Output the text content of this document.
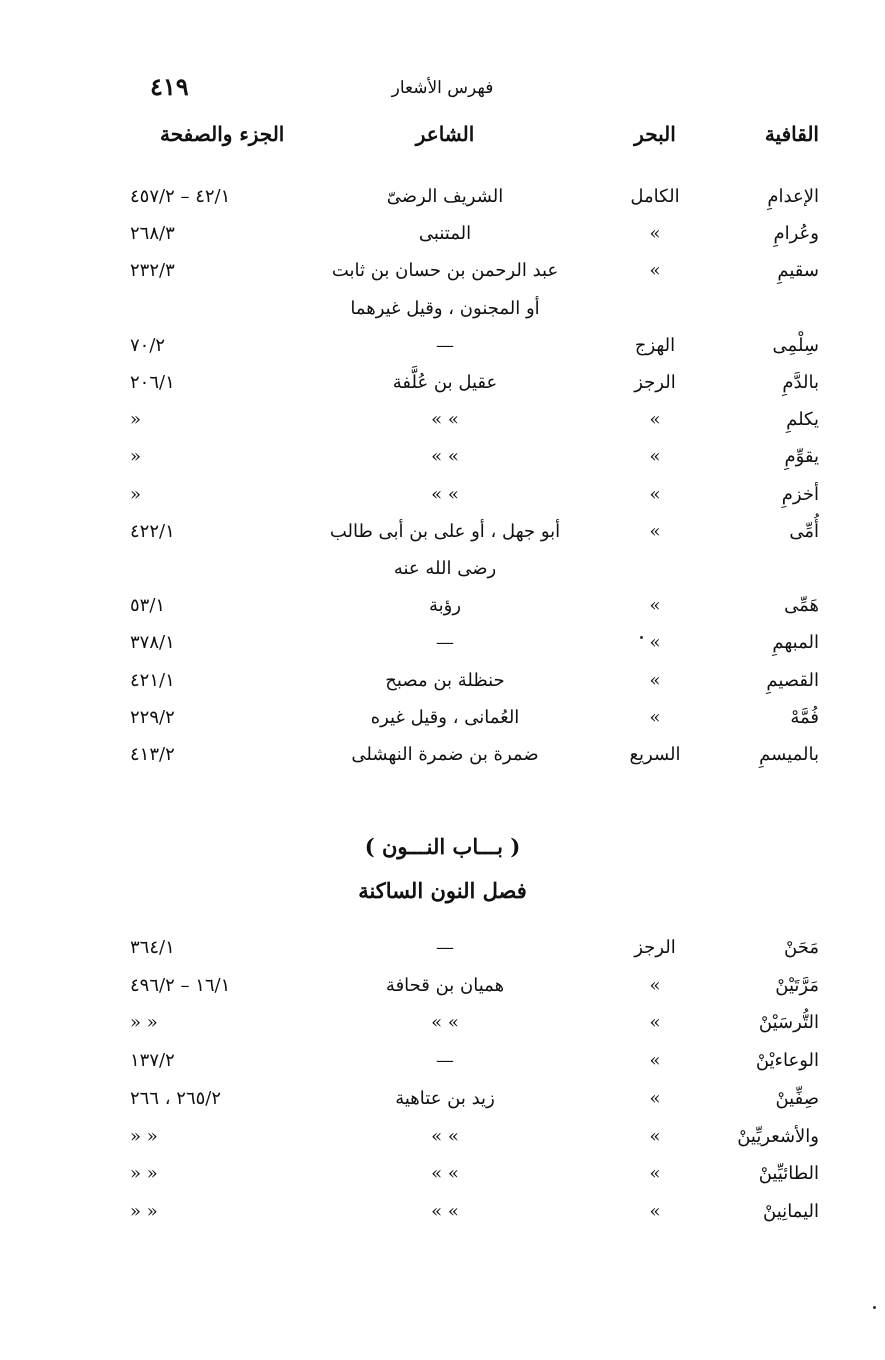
٤١٩	فهرس الأشعار
القافية
البحر
الشاعر
الجزء والصفحة
الإعدامِ
الكامل
الشريف الرضىّ
٤٢/١ – ٤٥٧/٢
وعُرامِ
»
المتنبى
٢٦٨/٣
سقيمِ
»
عبد الرحمن بن حسان بن ثابت
٢٣٢/٣
أو المجنون ، وقيل غيرهما
سِلْمِى
الهزج
—
٧٠/٢
بالدَّمِ
الرجز
عقيل بن عُلَّفة
٢٠٦/١
يكلمِ
»
» »
»
يقوِّمِ
»
» »
»
أخزمِ
»
» »
»
أُمِّى
»
أبو جهل ، أو على بن أبى طالب
٤٢٢/١
رضى الله عنه
هَمِّى
»
رؤبة
٥٣/١
المبهمِ
»
—
٣٧٨/١
القصيمِ
»
حنظلة بن مصبح
٤٢١/١
فُمَّهْ
»
العُمانى ، وقيل غيره
٢٢٩/٢
بالميسمِ
السريع
ضمرة بن ضمرة النهشلى
٤١٣/٢
( بـــاب النـــون )
فصل النون الساكنة
مَحَنْ
الرجز
—
٣٦٤/١
مَرَّتَيْنْ
»
هميان بن قحافة
١٦/١ – ٤٩٦/٢
التُّرسَيْنْ
»
» »
» »
الوعاءيْنْ
»
—
١٣٧/٢
صِفِّينْ
»
زيد بن عتاهية
٢٦٥/٢ ، ٢٦٦
والأشعريِّينْ
»
» »
» »
الطائيِّينْ
»
» »
» »
اليمانِينْ
»
» »
» »
